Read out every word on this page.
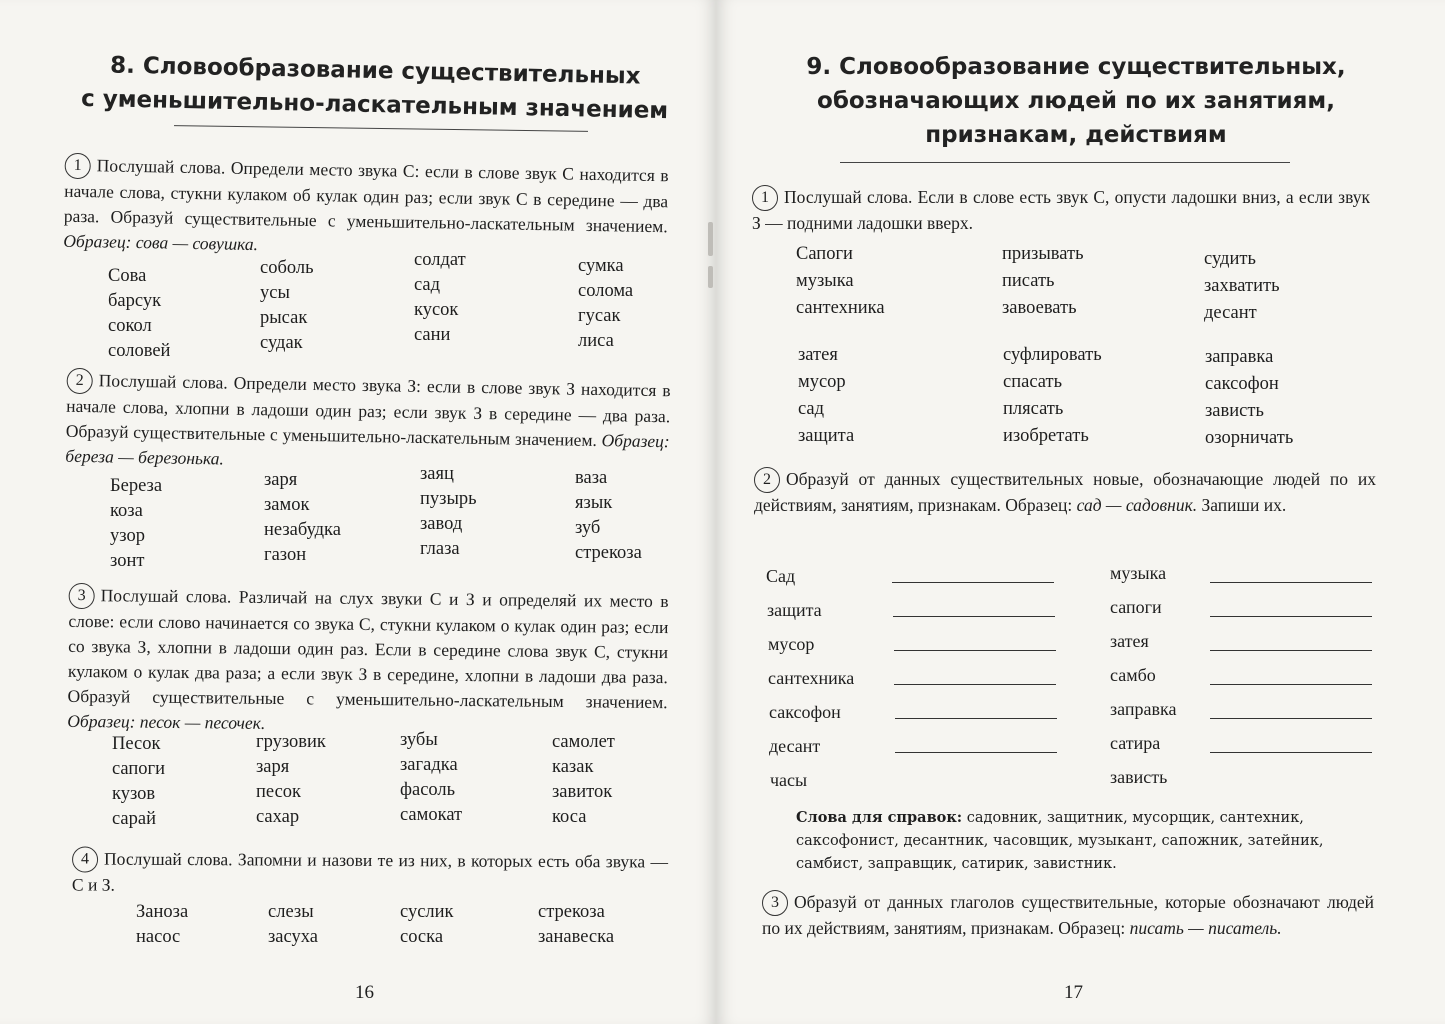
8. Словообразование существительных
с уменьшительно-ласкательным значением
1 Послушай слова. Определи место звука С: если в слове звук С находится в начале слова, стукни кулаком об кулак один раз; если звук С в середине — два раза. Образуй существительные с уменьшительно-ласкательным значением. Образец: сова — совушка.
Сова
барсук
сокол
соловей
соболь
усы
рысак
судак
солдат
сад
кусок
сани
сумка
солома
гусак
лиса
2 Послушай слова. Определи место звука З: если в слове звук З находится в начале слова, хлопни в ладоши один раз; если звук З в середине — два раза. Образуй существительные с уменьшительно-ласкательным значением. Образец: береза — березонька.
Береза
коза
узор
зонт
заря
замок
незабудка
газон
заяц
пузырь
завод
глаза
ваза
язык
зуб
стрекоза
3 Послушай слова. Различай на слух звуки С и З и определяй их место в слове: если слово начинается со звука С, стукни кулаком о кулак один раз; если со звука З, хлопни в ладоши один раз. Если в середине слова звук С, стукни кулаком о кулак два раза; а если звук З в середине, хлопни в ладоши два раза. Образуй существительные с уменьшительно-ласкательным значением. Образец: песок — песочек.
Песок
сапоги
кузов
сарай
грузовик
заря
песок
сахар
зубы
загадка
фасоль
самокат
самолет
казак
завиток
коса
4 Послушай слова. Запомни и назови те из них, в которых есть оба звука — С и З.
Заноза
насос
слезы
засуха
суслик
соска
стрекоза
занавеска
16
9. Словообразование существительных,
обозначающих людей по их занятиям,
признакам, действиям
1 Послушай слова. Если в слове есть звук С, опусти ладошки вниз, а если звук З — подними ладошки вверх.
Сапоги
музыка
сантехника
призывать
писать
завоевать
судить
захватить
десант
затея
мусор
сад
защита
суфлировать
спасать
плясать
изобретать
заправка
саксофон
зависть
озорничать
2 Образуй от данных существительных новые, обозначающие людей по их действиям, занятиям, признакам. Образец: сад — садовник. Запиши их.
Сад
защита
мусор
сантехника
саксофон
десант
часы
музыка
сапоги
затея
самбо
заправка
сатира
зависть
Слова для справок: садовник, защитник, мусорщик, сантехник, саксофонист, десантник, часовщик, музыкант, сапожник, затейник, самбист, заправщик, сатирик, завистник.
3 Образуй от данных глаголов существительные, которые обозначают людей по их действиям, занятиям, признакам. Образец: писать — писатель.
17
